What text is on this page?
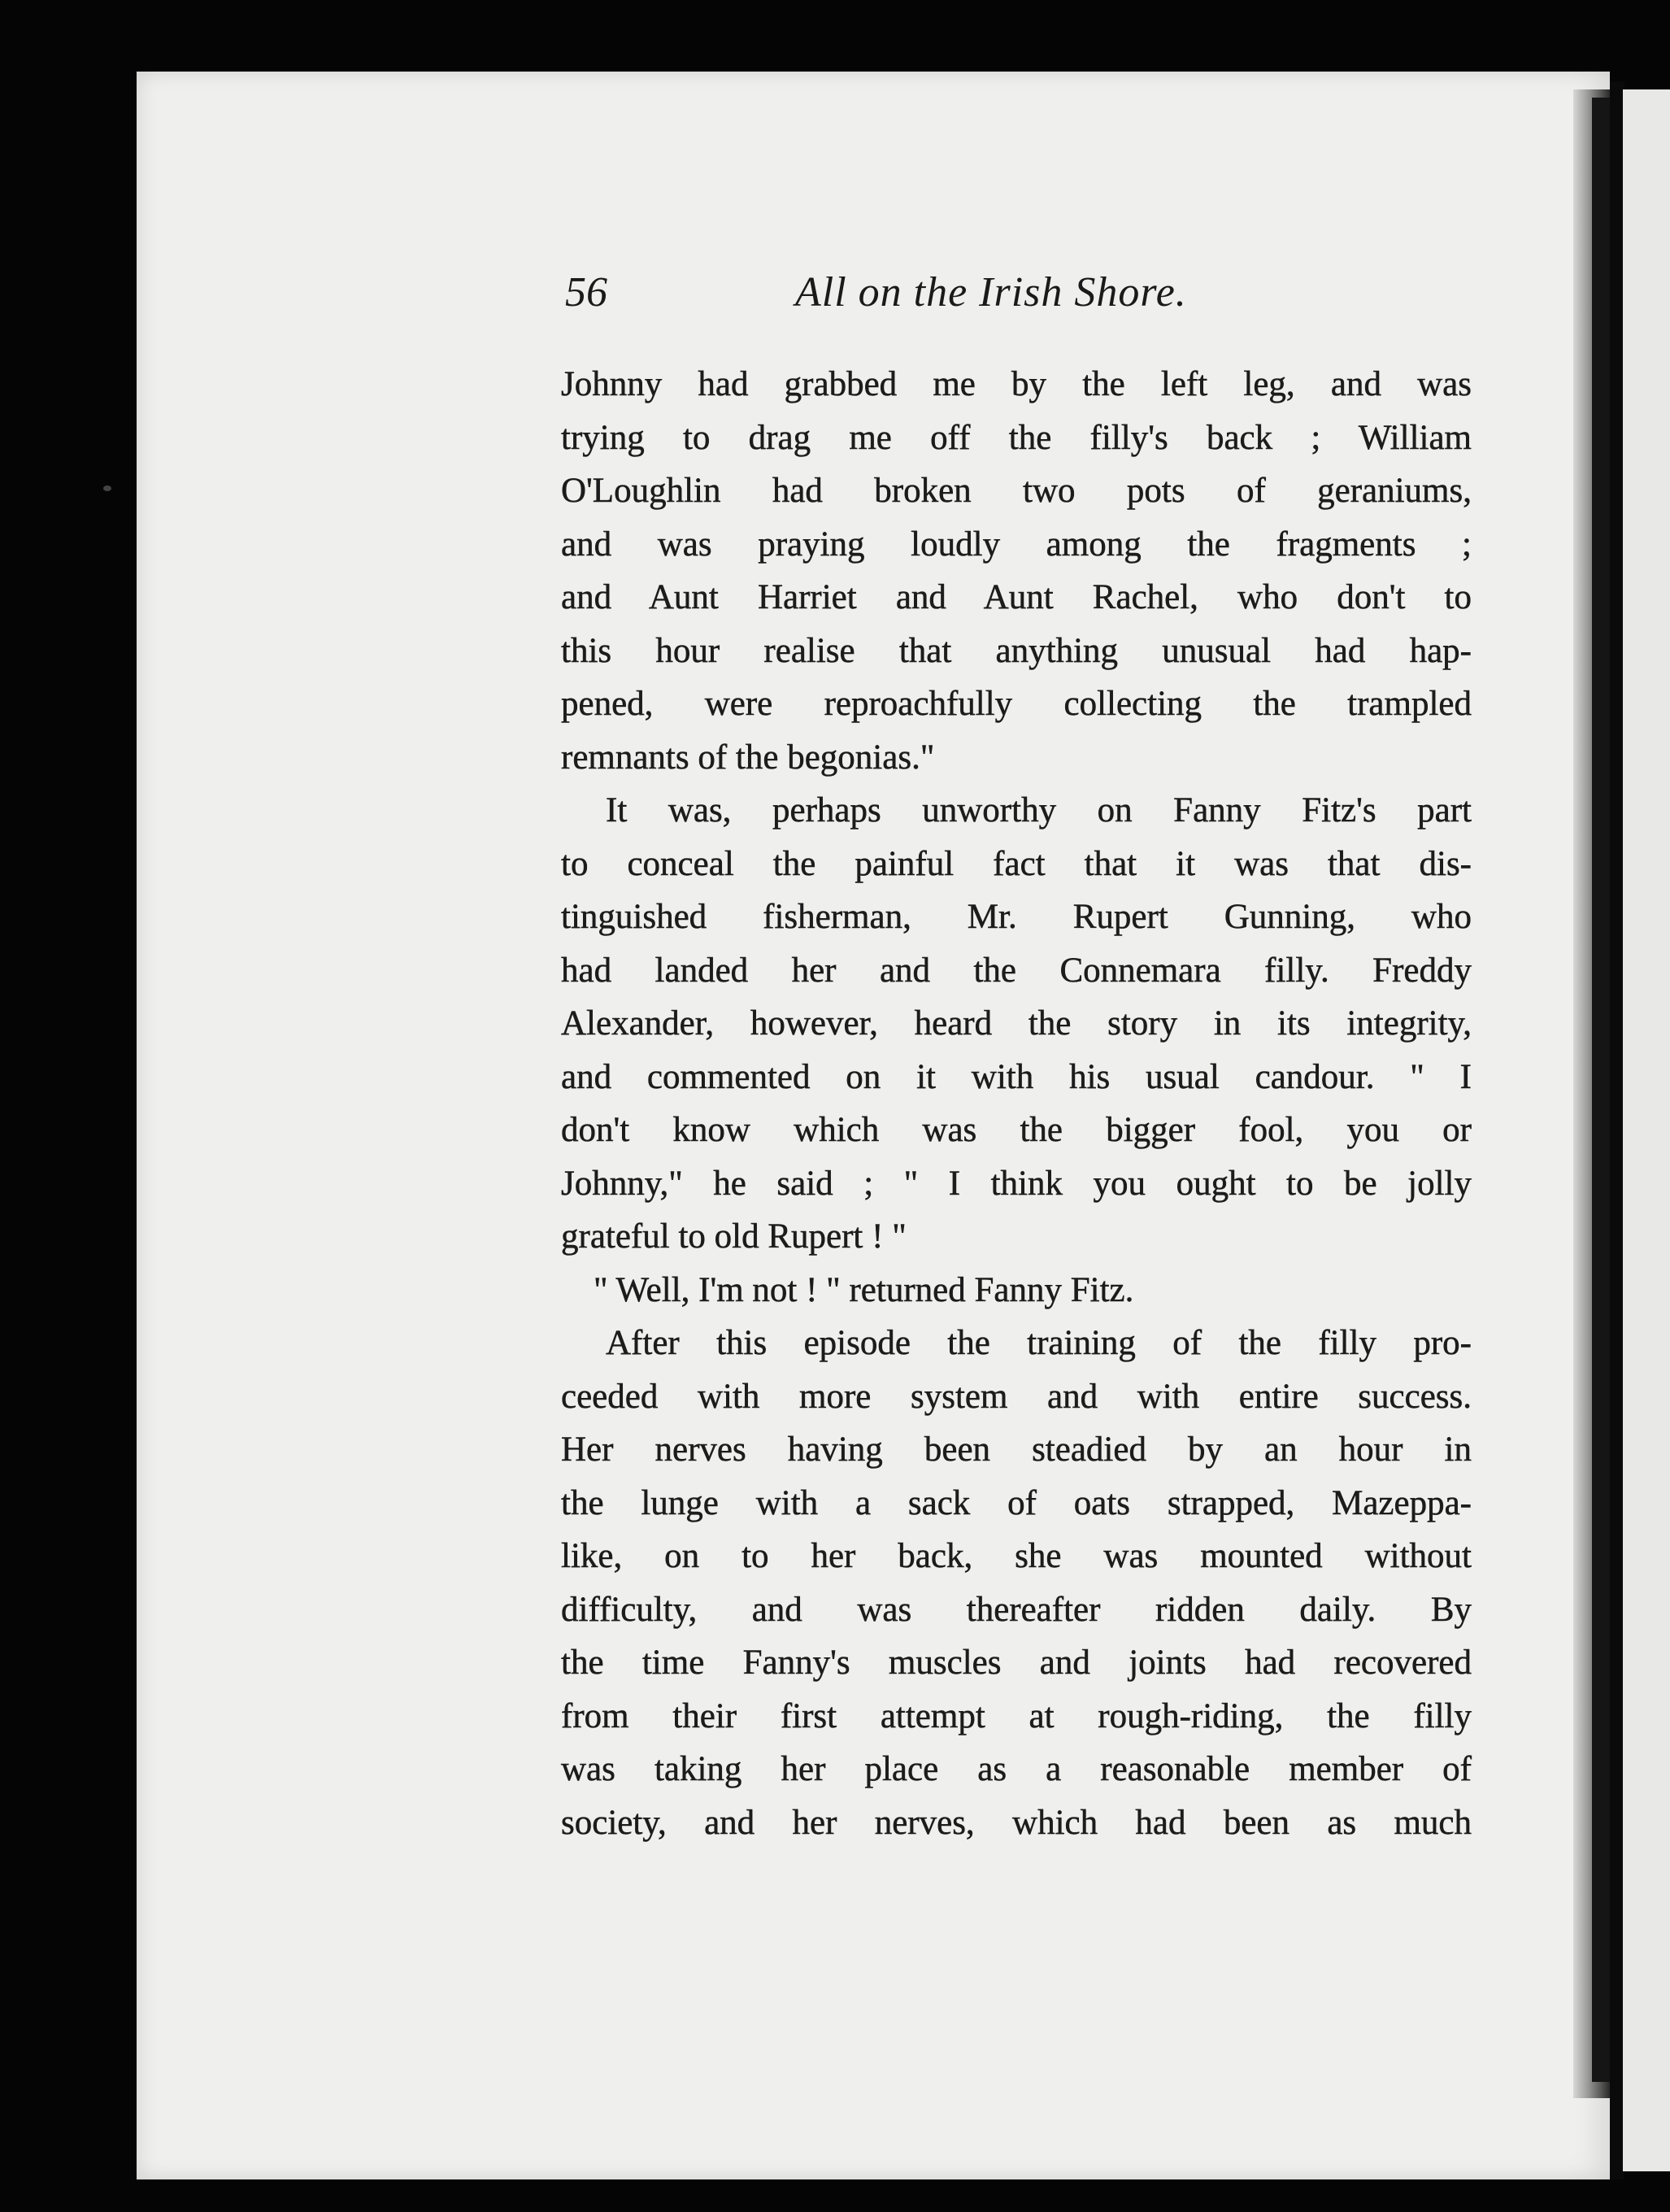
56	All on the Irish Shore.
Johnny had grabbed me by the left leg, and was
trying to drag me off the filly's back ; William
O'Loughlin had broken two pots of geraniums,
and was praying loudly among the fragments ;
and Aunt Harriet and Aunt Rachel, who don't to
this hour realise that anything unusual had hap-
pened, were reproachfully collecting the trampled
remnants of the begonias."
It was, perhaps unworthy on Fanny Fitz's part
to conceal the painful fact that it was that dis-
tinguished fisherman, Mr. Rupert Gunning, who
had landed her and the Connemara filly. Freddy
Alexander, however, heard the story in its integrity,
and commented on it with his usual candour. " I
don't know which was the bigger fool, you or
Johnny," he said ; " I think you ought to be jolly
grateful to old Rupert ! "
" Well, I'm not ! " returned Fanny Fitz.
After this episode the training of the filly pro-
ceeded with more system and with entire success.
Her nerves having been steadied by an hour in
the lunge with a sack of oats strapped, Mazeppa-
like, on to her back, she was mounted without
difficulty, and was thereafter ridden daily. By
the time Fanny's muscles and joints had recovered
from their first attempt at rough-riding, the filly
was taking her place as a reasonable member of
society, and her nerves, which had been as much
